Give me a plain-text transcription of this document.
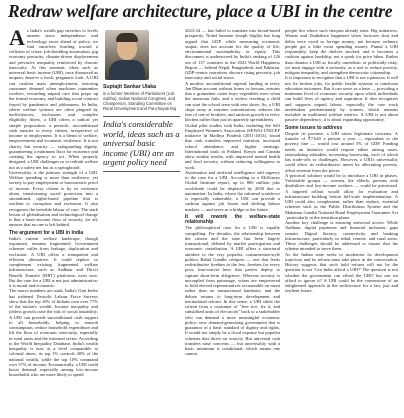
Redraw welfare architecture, place a UBI in the centre

As India's wealth gap stretches to levels unseen since independence and technology races ahead of policy, we find ourselves hurtling toward a collision of crises: job-shedding automation, gig economy precarity, climate-driven displacement and pervasive inequality reinforced by chronic insecurity. At this moment, ideas such as universal basic income (UBI), once dismissed as utopian, deserve a fresh, pragmatic look. A UBI can cushion mass unemployment, restoring consumer demand when machines outnumber workers, rewarding unpaid care that props up the formal economy, and building social contract frayed by pandemics and joblessness. In India, where welfare systems are often plagued by inefficiencies, exclusions and complex eligibility filters, a UBI offers a radical yet simple proposition: a periodic, unconditional cash transfer to every citizen, irrespective of income or employment. It is a blend of welfare, empowerment and economic resilience. It is not charity but security — safeguarding dignity, guaranteeing a minimum floor for existence and creating the agency to act. When properly designed, a UBI challenges us to rethink welfare not as a safety net but as a springboard.

Universality is the primary strength of a UBI. Welfare spending is more than resilience, yet society to pay employment or bureaucratic proof of income. Every citizen is by its existence alone, transforming social protection into a streamlined, rights-based pipeline that is resilient to corruption and exclusion. It also recognises the invisible labour of care. The stark lesson of globalisation and technological change is that a basic-income floor of security, for all, ensures that no one is left behind.

The argument for a UBI in India

India's current welfare landscape, though expansive, remains fragmented. Government schemes suffer from leakage, duplication and exclusion. A UBI offers a transparent and efficient alternative. It could replace or complement existing fragmented welfare infrastructure, such as Aadhaar and Direct Benefit Transfer (DBT) platforms, exist now. But the case for a UBI is not just administrative; it is moral and economic.

The macro numbers are stark. India's Gini Index has widened. Periodic Labour Force Surveys show that the top 10% of Indians own over 77% of the nation's wealth. Income inequality and jobless growth raise the risk of social instability. A UBI can provide unconditional cash support to all households, helping to smooth consumption, reduce household expenditure and lift the floor of economic insecurity, especially in rural areas and the informal sector. According to the World Inequality Database, India's wealth inequality is now at a level comparable to colonial times; its top 1% controls 40% of the national wealth, while the top 10% command over 57% of income. Economically, a UBI could boost demand, especially among low-income households who are more likely to spend

Suptajit Sankar Ulaka
is a former Member of Parliament (Lok Sabha), Indian National Congress, and Chairperson, Standing Committee on Rural Development and Panchayati Raj
India's considerable world, ideas such as a universal basic income (UBI) are an urgent policy need

2023-24 — has failed to translate into broad-based prosperity. Nobel laureate Joseph Stiglitz has long argued that GDP, while measuring economic output, does not account for the quality of life, environmental sustainability or equity. This disconnect is underscored by India's ranking of 126 out of 137 countries in the 2023 World Happiness Report — behind Nepal, Bangladesh, and Pakistan. GDP-centric narratives obscure rising precarity, job insecurity and social stress.

A modest, unconditional stipend, landing in every Jan Dhan account without forms or favours, ensures that a groundnut cutter buys vegetables even when the monsoon fails, and a widow teaching a child can start the school term with new shoes. So, a UBI chips away at extreme concentration, reduces the fear of one of brothers, and anchors growth in every kitchen rather than just in quarterly spreadsheets.

Global pilot studies with India, including the Self Employed Women's Association (SEWA)-UNICEF initiative in Madhya Pradesh (2011-2013), found that cash transfers improved nutrition, increased school attendance, and higher earnings. International trials in Finland, Kenya and Canada show similar results, with improved mental health and food security, without reducing willingness to work.

Automation and artificial intelligence add urgency to the case for a UBI. According to a McKinsey Global Institute report, up to 800 million jobs worldwide could be displaced by 2030 due to automation. In India, where the informal workforce is especially vulnerable, a UBI can provide a cushion against job losses and shifting labour markets — and serve as a bridge to the future.

It will rework the welfare-state relationship

The philosophical case for a UBI is equally compelling. For decades, the relationship between the citizen and the state has been largely transactional, defined by market participation and economic contribution. A UBI offers a structural antidote to the very populist, consumerism-style politics Rahul Gandhi critiques — one that feeds redistributive freebies to the few, freebies for every poor, loan-waiver here, that parties deploy to capture short-term allegiance. Whereas security is uncoupled from patronage, voters are empowered to hold elected representatives accountable on merit rather than on transactional handouts, and the debate returns to long-term development and institutional reform. In this sense, a UBI shifts the citizen from a consumer of "free rice, fix it, and subsidised units of electricity" back to a stakeholder who can demand a more meaningful economic policy: new demand-generating government that is guarantor of a basic standard of dignity and rights. It would not simply be a fiscal expense but populist schemes that thrive on scarcity. But universal cash transfers raise concerns — but universality with a basic minimum is conditional, which means one cannot

people live where such cheques already exist. Big initiatives. Wemar and Zimbabwe happened when factories shut and debts were owed to foreign money, not because ordinary people got a little extra spending money. Pumal a UBI responsibly, keep the shelves stocked, and it becomes a cushion against hardship, not a spark for price hikes. Rather than dismiss a UBI as fiscally unrealistic or politically risky, we must engage with it seriously, as a tool to reduce poverty, mitigate inequality, and strengthen democratic citizenship.

It is important to recognise that a UBI is not a panacea. It will not fix broken jobs, fix public health systems or transform education outcomes. But it can serve as a base — providing a minimum level of economic security upon which individuals can build lives of agency and aspiration. It also recognises and supports unpaid labour, especially the care work undertaken predominantly by women, which remains invisible in traditional welfare metrics. A UBI is not about passive dependency; it is about expanding opportunity.

Some issues to address

Despite its promise, a UBI raises legitimate concerns. A transfer of ₹7,620 a person a year — equivalent to the poverty line — would cost around 5% of GDP. Funding needs an initiative would require either raising taxes, rationalising subsidies, increasing borrowing, each of which has trade-offs or challenges. However, a UBI's universality could allow its redistributive intent by alleviating poverty, offset revenue from the prices.

A practical solution would be to introduce a UBI in phases. Vulnerable groups — women, the elderly, persons with disabilities and low-income workers — could be prioritised. A targeted rollout would allow for evaluation and infrastructure building before full-scale implementation. A UBI could also complement, rather than replace, essential schemes such as the Public Distribution System and the Mahatma Gandhi National Rural Employment Guarantee Act , particularly in the transition phase.

Another key challenge is ensuring universal access. While Aadhaar, digital payments and financial inclusion, gaps remain. Digital literacy, connectivity and banking infrastructure, particularly in tribal, remote, and rural areas. These challenges should be addressed to ensure that the scheme intended to serve them.

As the Indian state seeks to modernise its development trajectory and its reform must take place in the conversation. History suggests that such bold reform will not be the question is not 'Can India afford a UBI?' The question is not whether the government can afford the UBI? but can we afford to ignore it? A UBI could be the cornerstone of an enlightened approach in the architecture for a fair, just and resilient future.
